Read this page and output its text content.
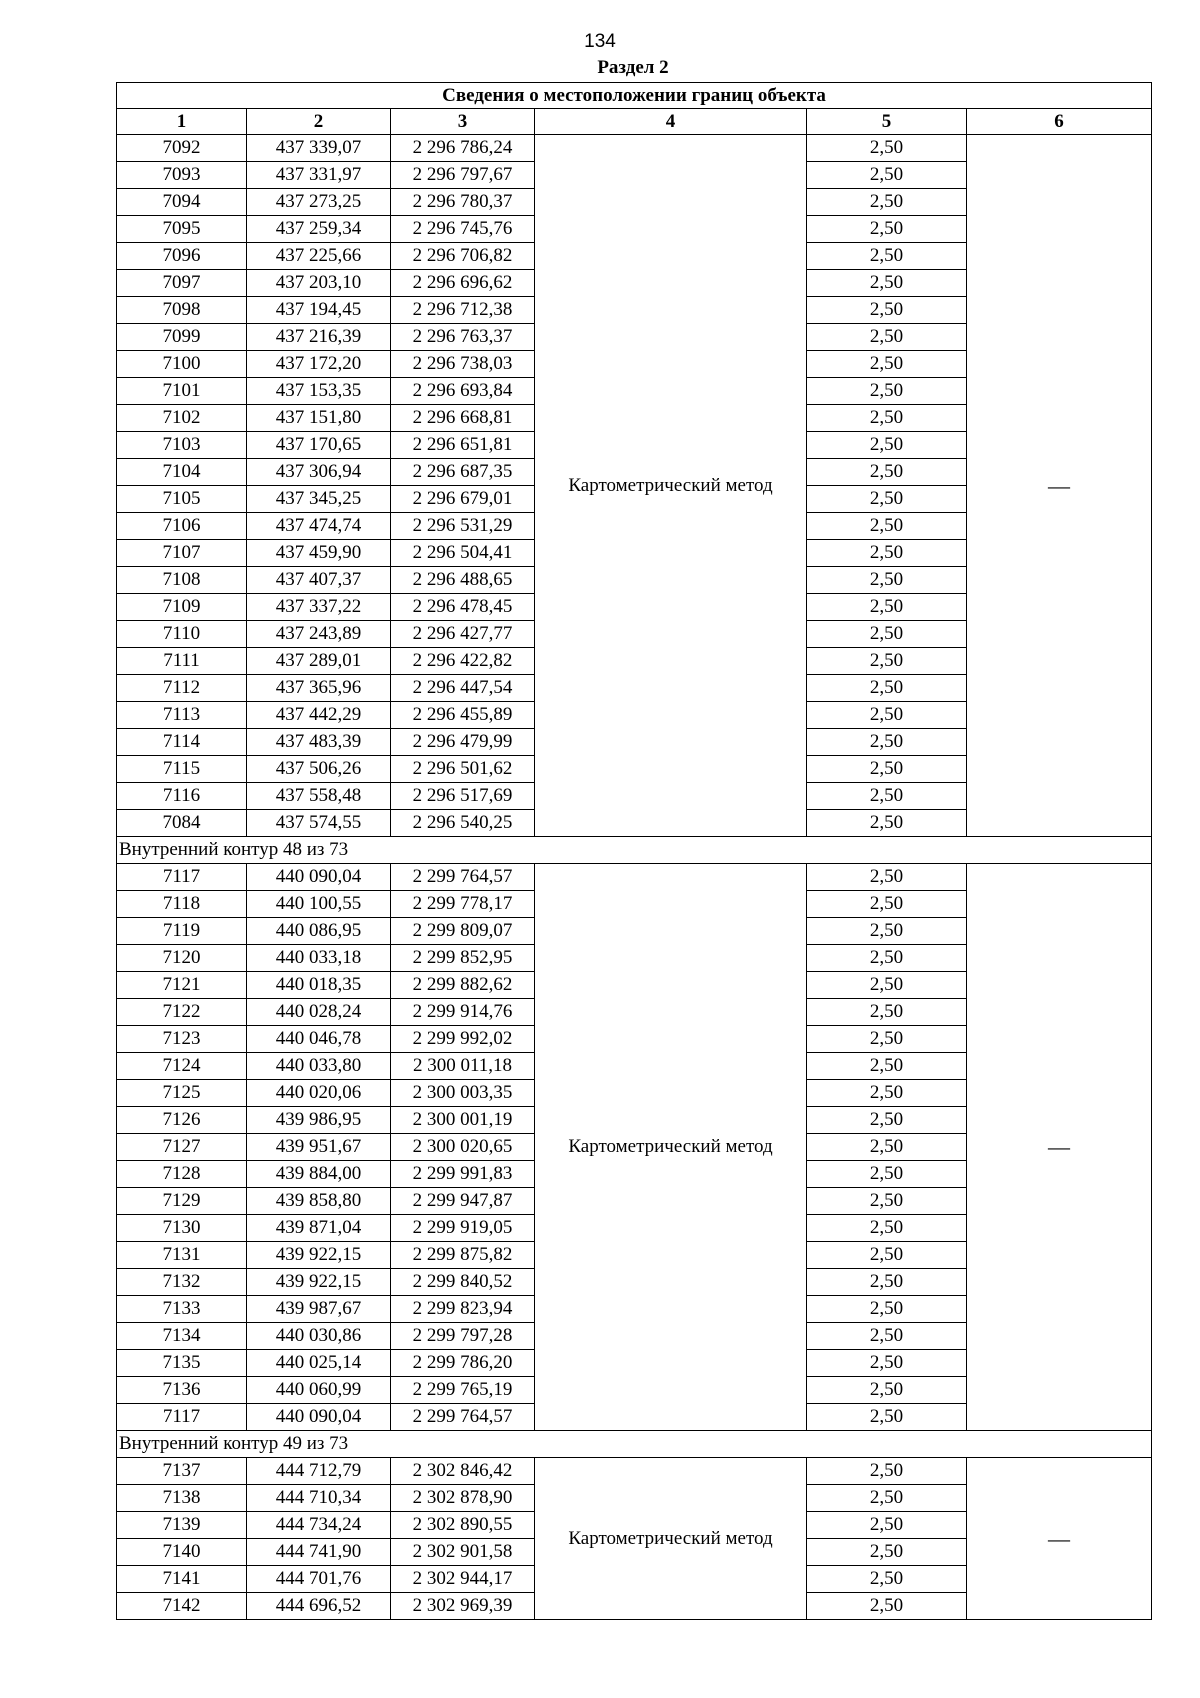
134
Раздел 2
Сведения о местоположении границ объекта					
1	2	3	4	5	6
7092	437 339,07	2 296 786,24	Картометрический метод	2,50	—
7093	437 331,97	2 296 797,67		2,50	
7094	437 273,25	2 296 780,37		2,50	
7095	437 259,34	2 296 745,76		2,50	
7096	437 225,66	2 296 706,82		2,50	
7097	437 203,10	2 296 696,62		2,50	
7098	437 194,45	2 296 712,38		2,50	
7099	437 216,39	2 296 763,37		2,50	
7100	437 172,20	2 296 738,03		2,50	
7101	437 153,35	2 296 693,84		2,50	
7102	437 151,80	2 296 668,81		2,50	
7103	437 170,65	2 296 651,81		2,50	
7104	437 306,94	2 296 687,35		2,50	
7105	437 345,25	2 296 679,01		2,50	
7106	437 474,74	2 296 531,29		2,50	
7107	437 459,90	2 296 504,41		2,50	
7108	437 407,37	2 296 488,65		2,50	
7109	437 337,22	2 296 478,45		2,50	
7110	437 243,89	2 296 427,77		2,50	
7111	437 289,01	2 296 422,82		2,50	
7112	437 365,96	2 296 447,54		2,50	
7113	437 442,29	2 296 455,89		2,50	
7114	437 483,39	2 296 479,99		2,50	
7115	437 506,26	2 296 501,62		2,50	
7116	437 558,48	2 296 517,69		2,50	
7084	437 574,55	2 296 540,25		2,50	
Внутренний контур 48 из 73					
7117	440 090,04	2 299 764,57	Картометрический метод	2,50	—
7118	440 100,55	2 299 778,17		2,50	
7119	440 086,95	2 299 809,07		2,50	
7120	440 033,18	2 299 852,95		2,50	
7121	440 018,35	2 299 882,62		2,50	
7122	440 028,24	2 299 914,76		2,50	
7123	440 046,78	2 299 992,02		2,50	
7124	440 033,80	2 300 011,18		2,50	
7125	440 020,06	2 300 003,35		2,50	
7126	439 986,95	2 300 001,19		2,50	
7127	439 951,67	2 300 020,65		2,50	
7128	439 884,00	2 299 991,83		2,50	
7129	439 858,80	2 299 947,87		2,50	
7130	439 871,04	2 299 919,05		2,50	
7131	439 922,15	2 299 875,82		2,50	
7132	439 922,15	2 299 840,52		2,50	
7133	439 987,67	2 299 823,94		2,50	
7134	440 030,86	2 299 797,28		2,50	
7135	440 025,14	2 299 786,20		2,50	
7136	440 060,99	2 299 765,19		2,50	
7117	440 090,04	2 299 764,57		2,50	
Внутренний контур 49 из 73					
7137	444 712,79	2 302 846,42	Картометрический метод	2,50	—
7138	444 710,34	2 302 878,90		2,50	
7139	444 734,24	2 302 890,55		2,50	
7140	444 741,90	2 302 901,58		2,50	
7141	444 701,76	2 302 944,17		2,50	
7142	444 696,52	2 302 969,39		2,50	
